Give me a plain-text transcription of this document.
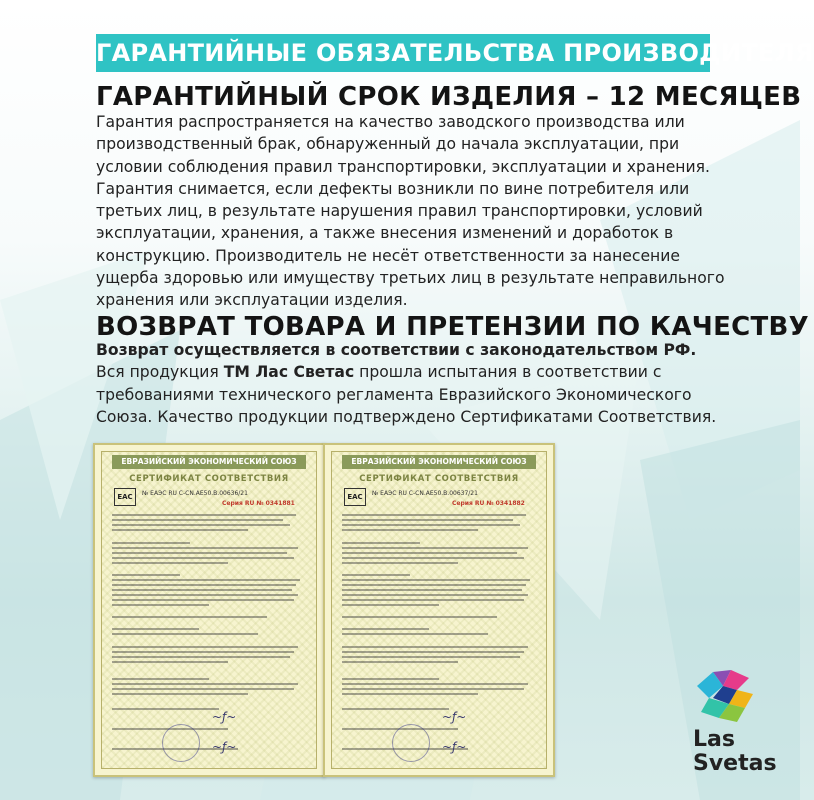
ГАРАНТИЙНЫЕ ОБЯЗАТЕЛЬСТВА ПРОИЗВОДИТЕЛЯ
ГАРАНТИЙНЫЙ СРОК ИЗДЕЛИЯ – 12 МЕСЯЦЕВ
Гарантия распространяется на качество заводского производства или производственный брак, обнаруженный до начала эксплуатации, при условии соблюдения правил транспортировки, эксплуатации и хранения. Гарантия снимается, если дефекты возникли по вине потребителя или третьих лиц, в результате нарушения правил транспортировки, условий эксплуатации, хранения, а также внесения изменений и доработок в конструкцию. Производитель не несёт ответственности за нанесение ущерба здоровью или имуществу третьих лиц в результате неправильного хранения или эксплуатации изделия.
ВОЗВРАТ ТОВАРА И ПРЕТЕНЗИИ ПО КАЧЕСТВУ
Возврат осуществляется в соответствии с законодательством РФ.
Вся продукция ТМ Лас Светас прошла испытания в соответствии с требованиями технического регламента Евразийского Экономического Союза. Качество продукции подтверждено Сертификатами Соответствия.
ЕВРАЗИЙСКИЙ ЭКОНОМИЧЕСКИЙ СОЮЗ
СЕРТИФИКАТ СООТВЕТСТВИЯ
EAC	№ ЕАЭС RU С-CN.АЕ50.В.00636/21
Серия RU № 0341881
~ƒ~
~ƒ~
ЕВРАЗИЙСКИЙ ЭКОНОМИЧЕСКИЙ СОЮЗ
СЕРТИФИКАТ СООТВЕТСТВИЯ
EAC	№ ЕАЭС RU С-CN.АЕ50.В.00637/21
Серия RU № 0341882
~ƒ~
~ƒ~	Las
Svetas
